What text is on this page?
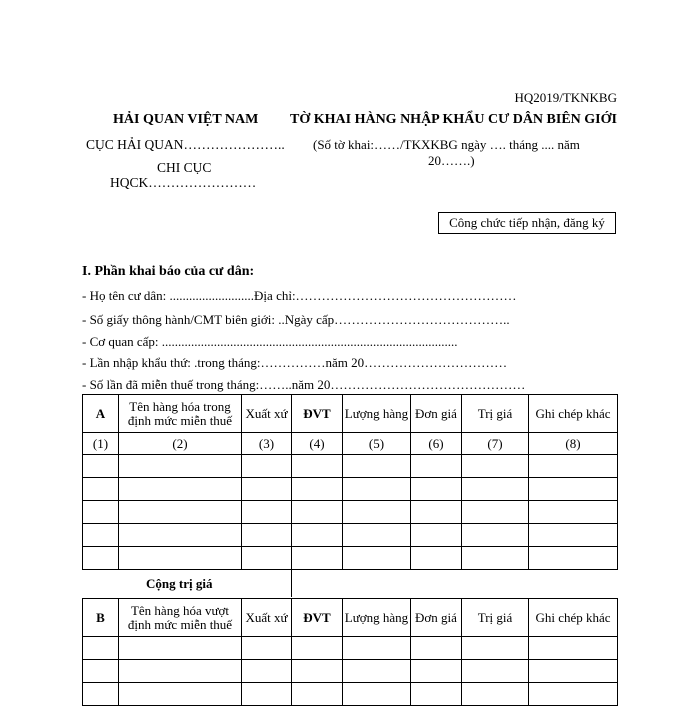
HQ2019/TKNKBG
HẢI QUAN VIỆT NAM TỜ KHAI HÀNG NHẬP KHẨU CƯ DÂN BIÊN GIỚI
CỤC HẢI QUAN………………….. (Số tờ khai:……/TKXKBG ngày …. tháng .... năm
20…….)
CHI CỤC
HQCK……………………
Công chức tiếp nhận, đăng ký
I. Phần khai báo của cư dân:
- Họ tên cư dân: ..........................Địa chỉ:……………………………………………
- Số giấy thông hành/CMT biên giới: ..Ngày cấp…………………………………..
- Cơ quan cấp: ...........................................................................................
- Lần nhập khẩu thứ: .trong tháng:……………năm 20……………………………
- Số lần đã miễn thuế trong tháng:……..năm 20………………………………………
A	Tên hàng hóa trong định mức miễn thuế	Xuất xứ	ĐVT	Lượng hàng	Đơn giá	Trị giá	Ghi chép khác
(1)	(2)	(3)	(4)	(5)	(6)	(7)	(8)

Cộng trị giá
B	Tên hàng hóa vượt định mức miễn thuế	Xuất xứ	ĐVT	Lượng hàng	Đơn giá	Trị giá	Ghi chép khác
